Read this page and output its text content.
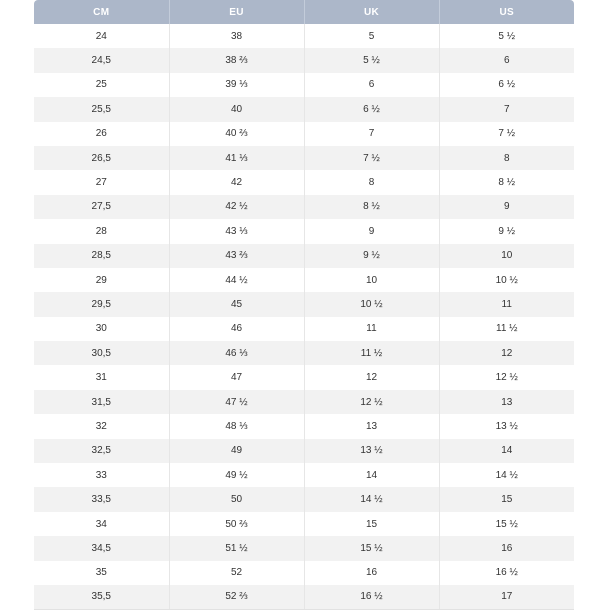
CM	EU	UK	US
24	38	5	5 ½
24,5	38 ⅔	5 ½	6
25	39 ⅓	6	6 ½
25,5	40	6 ½	7
26	40 ⅔	7	7 ½
26,5	41 ⅓	7 ½	8
27	42	8	8 ½
27,5	42 ½	8 ½	9
28	43 ⅓	9	9 ½
28,5	43 ⅔	9 ½	10
29	44 ½	10	10 ½
29,5	45	10 ½	11
30	46	11	11 ½
30,5	46 ⅓	11 ½	12
31	47	12	12 ½
31,5	47 ½	12 ½	13
32	48 ⅓	13	13 ½
32,5	49	13 ½	14
33	49 ½	14	14 ½
33,5	50	14 ½	15
34	50 ⅔	15	15 ½
34,5	51 ½	15 ½	16
35	52	16	16 ½
35,5	52 ⅔	16 ½	17
